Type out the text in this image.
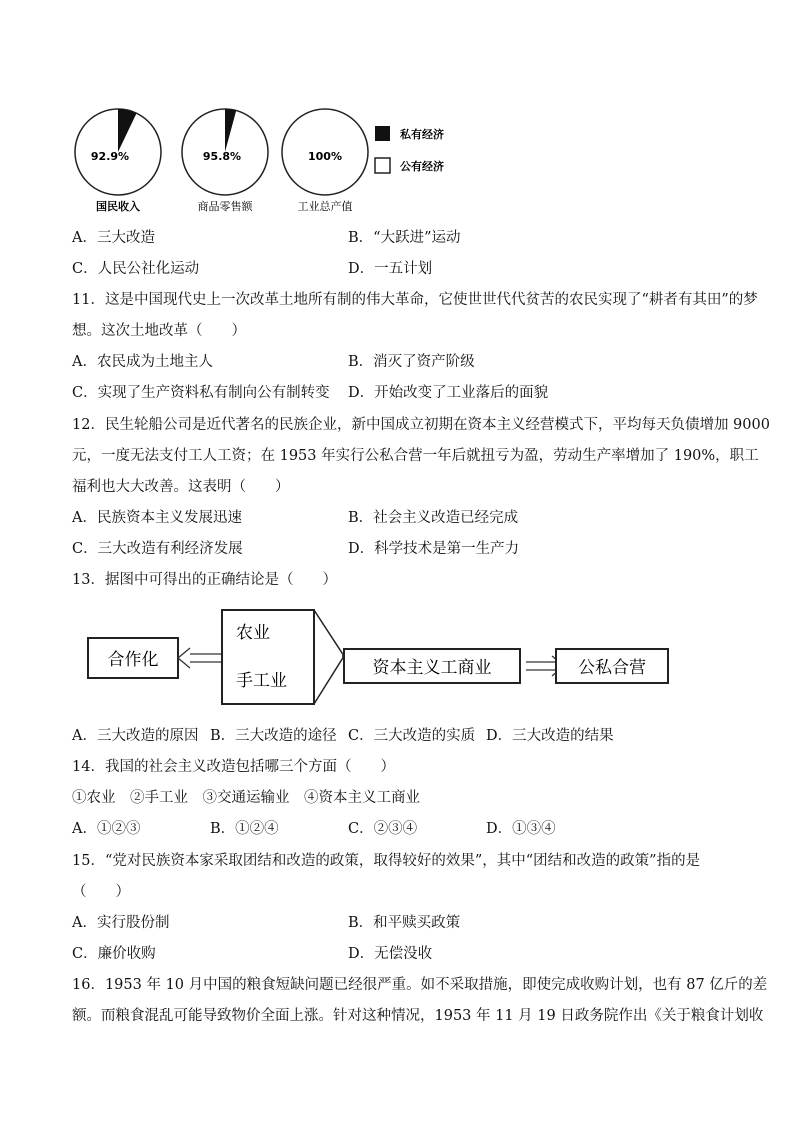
92.9%
国民收入
95.8%
商品零售额
100%
工业总产值
私有经济
公有经济
A．三大改造	B．“大跃进”运动
C．人民公社化运动	D．一五计划
11．这是中国现代史上一次改革土地所有制的伟大革命，它使世世代代贫苦的农民实现了“耕者有其田”的梦
想。这次土地改革（　　）
A．农民成为土地主人	B．消灭了资产阶级
C．实现了生产资料私有制向公有制转变 D．开始改变了工业落后的面貌
12．民生轮船公司是近代著名的民族企业，新中国成立初期在资本主义经营模式下，平均每天负债增加 9000
元，一度无法支付工人工资；在 1953 年实行公私合营一年后就扭亏为盈，劳动生产率增加了 190%，职工
福利也大大改善。这表明（　　）
A．民族资本主义发展迅速	B．社会主义改造已经完成
C．三大改造有利经济发展	D．科学技术是第一生产力
13．据图中可得出的正确结论是（　　）
合作化
农业
手工业
资本主义工商业	公私合营
A．三大改造的原因 B．三大改造的途径 C．三大改造的实质 D．三大改造的结果
14．我国的社会主义改造包括哪三个方面（　　）
①农业　②手工业　③交通运输业　④资本主义工商业
A．①②③	B．①②④	C．②③④	D．①③④
15．“党对民族资本家采取团结和改造的政策，取得较好的效果”，其中“团结和改造的政策”指的是
（　　）
A．实行股份制	B．和平赎买政策
C．廉价收购	D．无偿没收
16．1953 年 10 月中国的粮食短缺问题已经很严重。如不采取措施，即使完成收购计划，也有 87 亿斤的差
额。而粮食混乱可能导致物价全面上涨。针对这种情况，1953 年 11 月 19 日政务院作出《关于粮食计划收
